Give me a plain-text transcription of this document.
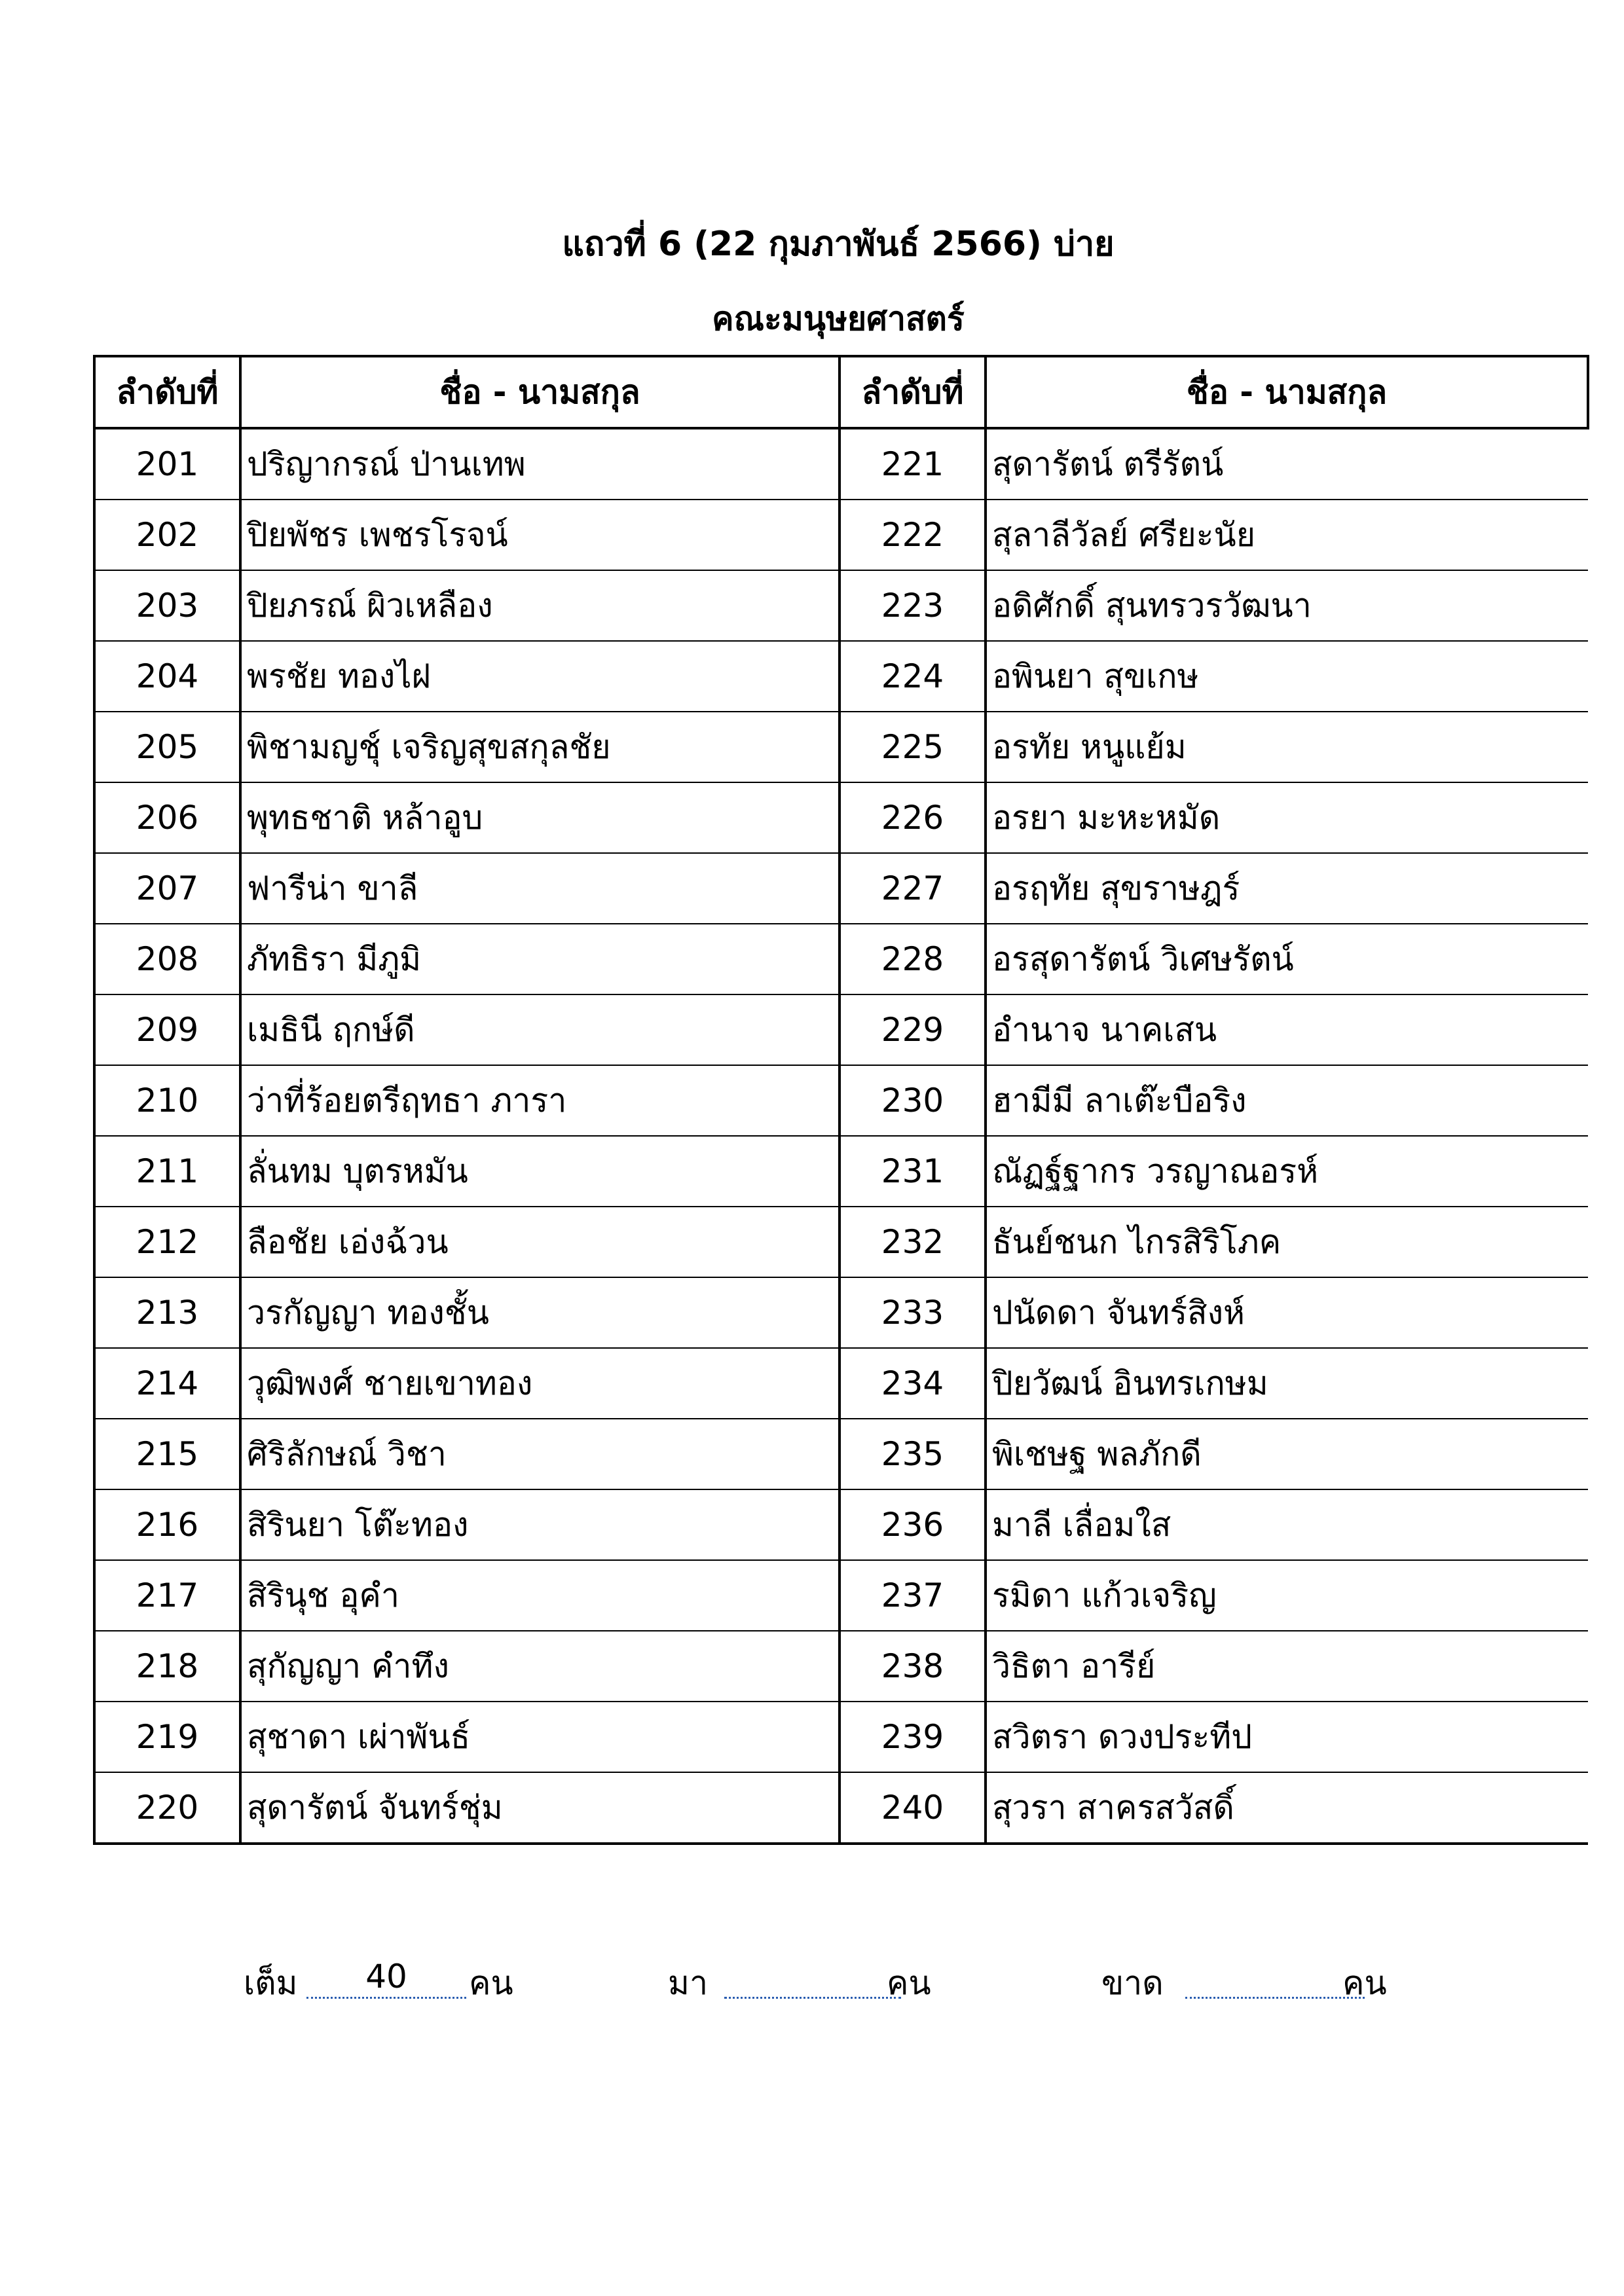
แถวที่ 6 (22 กุมภาพันธ์ 2566) บ่าย
คณะมนุษยศาสตร์
ลำดับที่	ชื่อ - นามสกุล	ลำดับที่	ชื่อ - นามสกุล
201	ปริญากรณ์ ป่านเทพ	221	สุดารัตน์ ตรีรัตน์
202	ปิยพัชร เพชรโรจน์	222	สุลาลีวัลย์ ศรียะนัย
203	ปิยภรณ์ ผิวเหลือง	223	อดิศักดิ์ สุนทรวรวัฒนา
204	พรชัย ทองไฝ	224	อพินยา สุขเกษ
205	พิชามญชุ์ เจริญสุขสกุลชัย	225	อรทัย หนูแย้ม
206	พุทธชาติ หล้าอูบ	226	อรยา มะหะหมัด
207	ฟารีน่า ขาลี	227	อรฤทัย สุขราษฎร์
208	ภัทธิรา มีภูมิ	228	อรสุดารัตน์ วิเศษรัตน์
209	เมธินี ฤกษ์ดี	229	อำนาจ นาคเสน
210	ว่าที่ร้อยตรีฤทธา ภารา	230	ฮามีมี ลาเต๊ะบือริง
211	ลั่นทม บุตรหมัน	231	ณัฏฐ์ฐากร วรญาณอรห์
212	ลือชัย เอ่งฉ้วน	232	ธันย์ชนก ไกรสิริโภค
213	วรกัญญา ทองชั้น	233	ปนัดดา จันทร์สิงห์
214	วุฒิพงศ์ ชายเขาทอง	234	ปิยวัฒน์ อินทรเกษม
215	ศิริลักษณ์ วิชา	235	พิเชษฐ พลภักดี
216	สิรินยา โต๊ะทอง	236	มาลี เลื่อมใส
217	สิรินุช อุคำ	237	รมิดา แก้วเจริญ
218	สุกัญญา คำทึง	238	วิธิตา อารีย์
219	สุชาดา เผ่าพันธ์	239	สวิตรา ดวงประทีป
220	สุดารัตน์ จันทร์ชุ่ม	240	สุวรา สาครสวัสดิ์
เต็ม	40	คน	มา	คน	ขาด	คน
